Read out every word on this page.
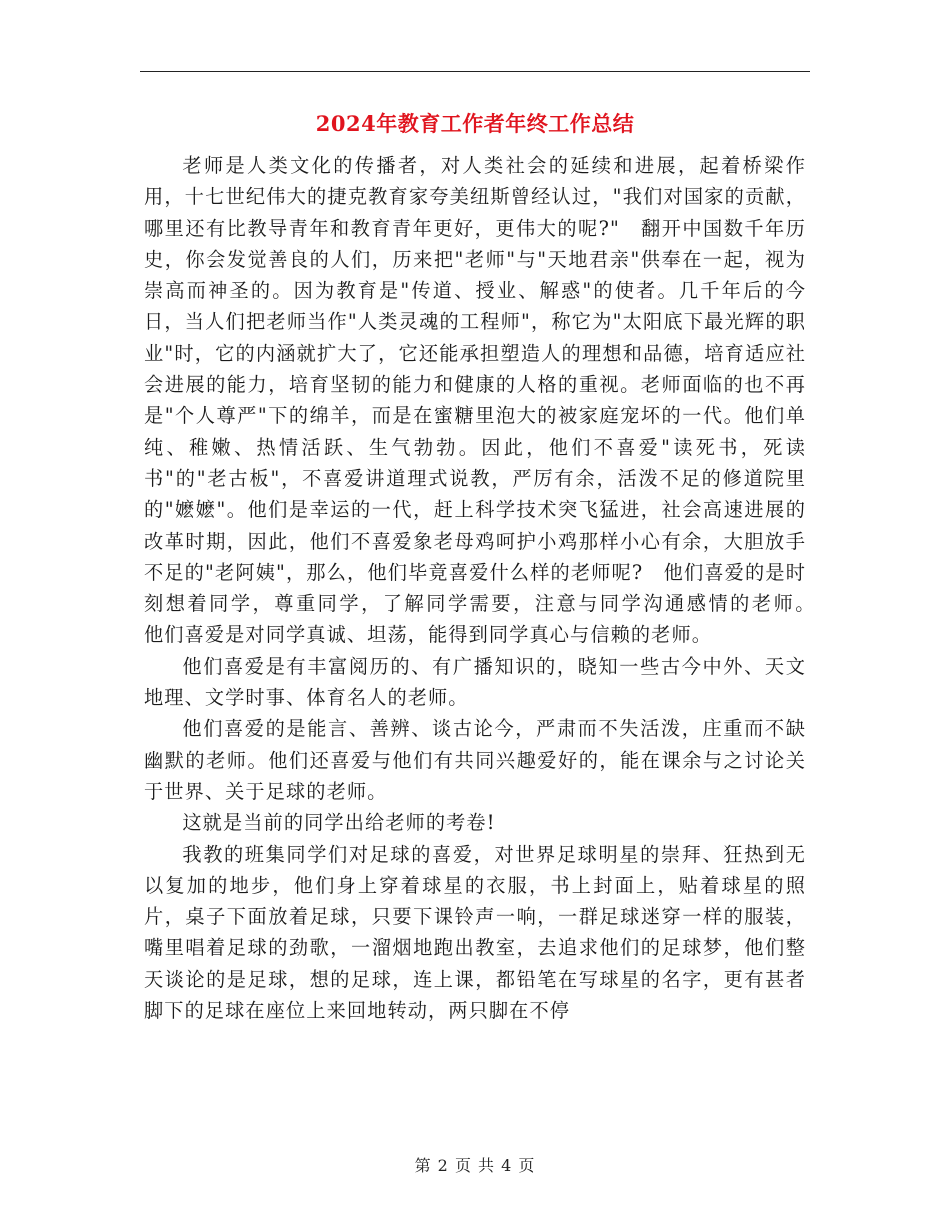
2024年教育工作者年终工作总结

老师是人类文化的传播者，对人类社会的延续和进展，起着桥梁作用，十七世纪伟大的捷克教育家夸美纽斯曾经认过，"我们对国家的贡献，哪里还有比教导青年和教育青年更好，更伟大的呢?"　翻开中国数千年历史，你会发觉善良的人们，历来把"老师"与"天地君亲"供奉在一起，视为崇高而神圣的。因为教育是"传道、授业、解惑"的使者。几千年后的今日，当人们把老师当作"人类灵魂的工程师"，称它为"太阳底下最光辉的职业"时，它的内涵就扩大了，它还能承担塑造人的理想和品德，培育适应社会进展的能力，培育坚韧的能力和健康的人格的重视。老师面临的也不再是"个人尊严"下的绵羊，而是在蜜糖里泡大的被家庭宠坏的一代。他们单纯、稚嫩、热情活跃、生气勃勃。因此，他们不喜爱"读死书，死读书"的"老古板"，不喜爱讲道理式说教，严厉有余，活泼不足的修道院里的"嬷嬷"。他们是幸运的一代，赶上科学技术突飞猛进，社会高速进展的改革时期，因此，他们不喜爱象老母鸡呵护小鸡那样小心有余，大胆放手不足的"老阿姨"，那么，他们毕竟喜爱什么样的老师呢?　他们喜爱的是时刻想着同学，尊重同学，了解同学需要，注意与同学沟通感情的老师。　 他们喜爱是对同学真诚、坦荡，能得到同学真心与信赖的老师。

他们喜爱是有丰富阅历的、有广播知识的，晓知一些古今中外、天文地理、文学时事、体育名人的老师。

他们喜爱的是能言、善辨、谈古论今，严肃而不失活泼，庄重而不缺幽默的老师。他们还喜爱与他们有共同兴趣爱好的，能在课余与之讨论关于世界、关于足球的老师。

这就是当前的同学出给老师的考卷!

我教的班集同学们对足球的喜爱，对世界足球明星的崇拜、狂热到无以复加的地步，他们身上穿着球星的衣服，书上封面上，贴着球星的照片，桌子下面放着足球，只要下课铃声一响，一群足球迷穿一样的服装，嘴里唱着足球的劲歌，一溜烟地跑出教室，去追求他们的足球梦，他们整天谈论的是足球，想的足球，连上课，都铅笔在写球星的名字，更有甚者脚下的足球在座位上来回地转动，两只脚在不停

第 2 页 共 4 页
